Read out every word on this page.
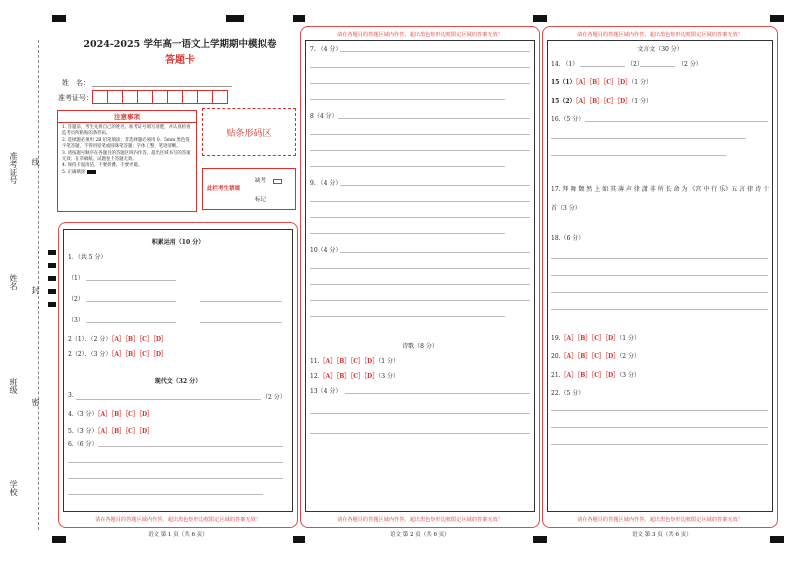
准考证号 线
姓名 封
班级
密
学校
2024-2025 学年高一语文上学期期中模拟卷
答题卡
姓　名：
准考证号：
注意事项
1. 答题前，考生先将自己的姓名，准考证号填写清楚，并认真检查监考员所粘贴的条形码。
2. 选择题必须用 2B 铅笔填涂；非选择题必须用 0．5mm 黑色签字笔答题，不得用铅笔或圆珠笔答题；字体工整、笔迹清晰。
3. 请按题号顺序在各题目的答题区域内作答，超出区域书写的答案无效；在草稿纸、试题卷上答题无效。
4. 保持卡面清洁，不要折叠、不要弄破。
5. 正确填涂
贴条形码区
此栏考生禁填
缺考
标记
请在各题目的答题区域内作答，超出黑色矩形边框限定区域的答案无效！
语文 第 1 页（共 6 页）
积累运用（10 分）
1．（共 5 分）
（1）
（2）
（3）
2（1）．（2 分）［A］［B］［C］［D］
2（2）．（3 分）［A］［B］［C］［D］
现代文（32 分）
3.	（2 分）
4.（3 分）［A］［B］［C］［D］
5.（3 分）［A］［B］［C］［D］
6.（6 分）
请在各题目的答题区域内作答，超出黑色矩形边框限定区域的答案无效！
请在各题目的答题区域内作答，超出黑色矩形边框限定区域的答案无效！
语文 第 2 页（共 6 页）
7. （4 分）
8（4 分）
9. （4 分）
10（4 分）
诗歌（8 分）
11.［A］［B］［C］［D］（1 分）
12.［A］［B］［C］［D］（3 分）
13（4 分）
请在各题目的答题区域内作答，超出黑色矩形边框限定区域的答案无效！
请在各题目的答题区域内作答，超出黑色矩形边框限定区域的答案无效！
语文 第 3 页（共 6 页）
文言文（30 分）
14. （1）	（2）	（2 分）
15（1）［A］［B］［C］［D］（1 分）
15（2）［A］［B］［C］［D］（1 分）
16.（5 分）
17. 拜 舞 颓 然 上 如 其 薄 声 律 潇 非 所 长 命 为 《宫 中 行 乐》五 言 律 诗 十 首（3 分）
18.（6 分）
19.［A］［B］［C］［D］（1 分）
20.［A］［B］［C］［D］（2 分）
21.［A］［B］［C］［D］（3 分）
22.（5 分）
